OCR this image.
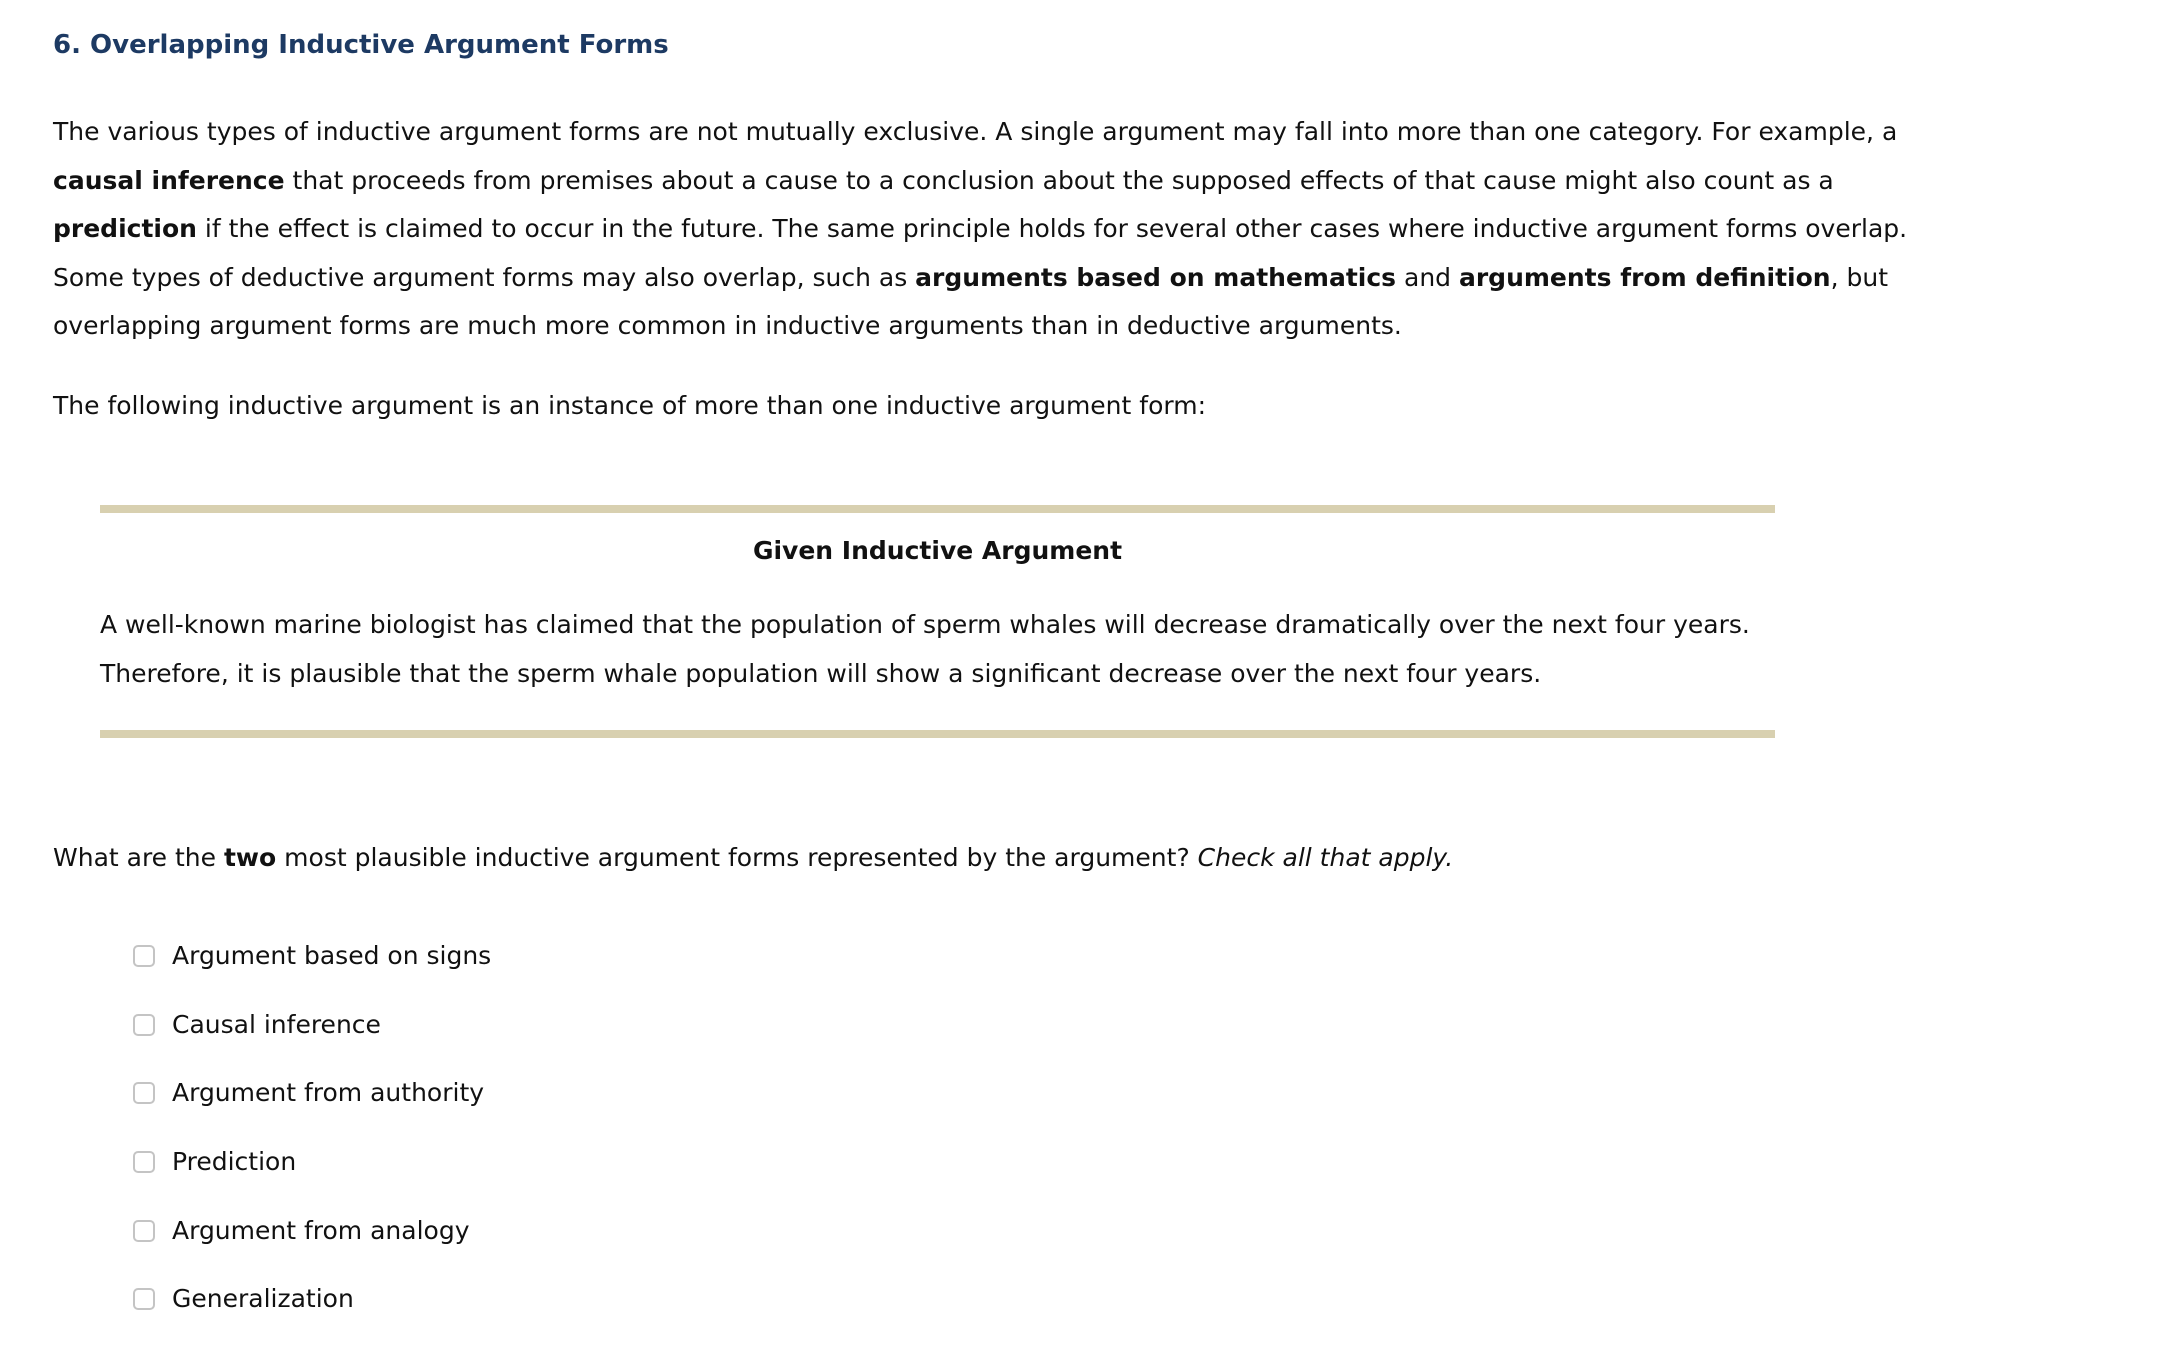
6. Overlapping Inductive Argument Forms

The various types of inductive argument forms are not mutually exclusive. A single argument may fall into more than one category. For example, a
causal inference that proceeds from premises about a cause to a conclusion about the supposed effects of that cause might also count as a
prediction if the effect is claimed to occur in the future. The same principle holds for several other cases where inductive argument forms overlap.
Some types of deductive argument forms may also overlap, such as arguments based on mathematics and arguments from definition, but
overlapping argument forms are much more common in inductive arguments than in deductive arguments.

The following inductive argument is an instance of more than one inductive argument form:

Given Inductive Argument
A well-known marine biologist has claimed that the population of sperm whales will decrease dramatically over the next four years.
Therefore, it is plausible that the sperm whale population will show a significant decrease over the next four years.

What are the two most plausible inductive argument forms represented by the argument? Check all that apply.

Argument based on signs
Causal inference
Argument from authority
Prediction
Argument from analogy
Generalization
